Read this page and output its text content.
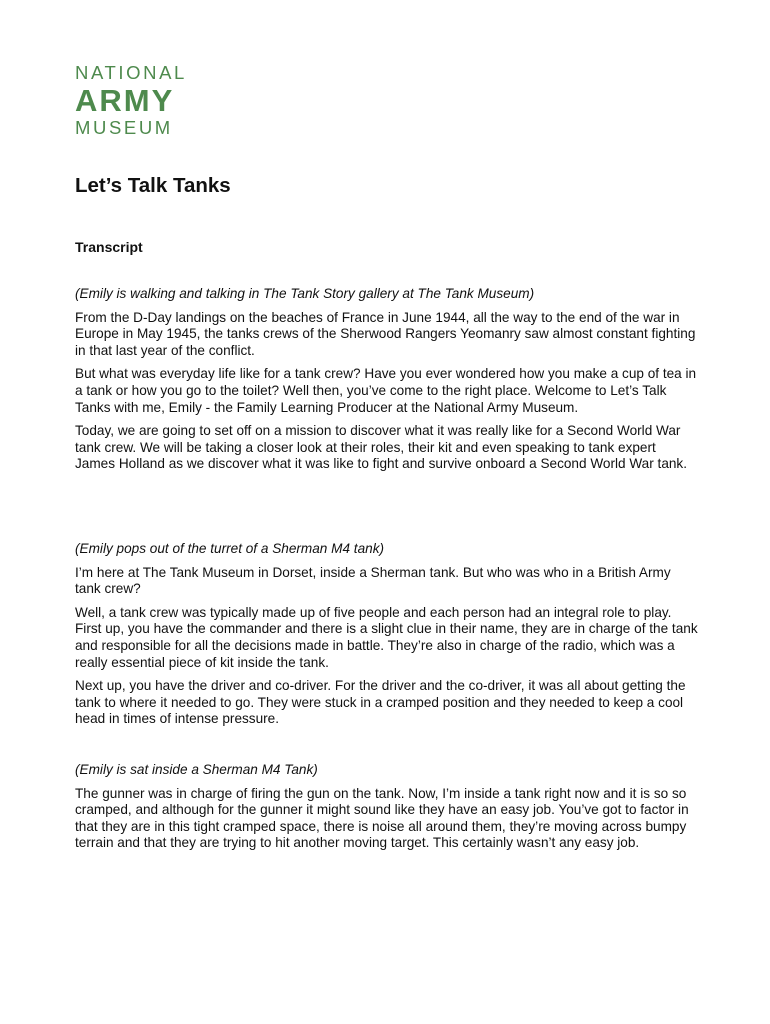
NATIONAL
ARMY
MUSEUM
Let’s Talk Tanks
Transcript

(Emily is walking and talking in The Tank Story gallery at The Tank Museum)

From the D-Day landings on the beaches of France in June 1944, all the way to the end of the war in Europe in May 1945, the tanks crews of the Sherwood Rangers Yeomanry saw almost constant fighting in that last year of the conflict.

But what was everyday life like for a tank crew? Have you ever wondered how you make a cup of tea in a tank or how you go to the toilet? Well then, you’ve come to the right place. Welcome to Let’s Talk Tanks with me, Emily - the Family Learning Producer at the National Army Museum.

Today, we are going to set off on a mission to discover what it was really like for a Second World War tank crew. We will be taking a closer look at their roles, their kit and even speaking to tank expert James Holland as we discover what it was like to fight and survive onboard a Second World War tank.

(Emily pops out of the turret of a Sherman M4 tank)

I’m here at The Tank Museum in Dorset, inside a Sherman tank. But who was who in a British Army tank crew?

Well, a tank crew was typically made up of five people and each person had an integral role to play. First up, you have the commander and there is a slight clue in their name, they are in charge of the tank and responsible for all the decisions made in battle. They’re also in charge of the radio, which was a really essential piece of kit inside the tank.

Next up, you have the driver and co-driver. For the driver and the co-driver, it was all about getting the tank to where it needed to go. They were stuck in a cramped position and they needed to keep a cool head in times of intense pressure.

(Emily is sat inside a Sherman M4 Tank)

The gunner was in charge of firing the gun on the tank. Now, I’m inside a tank right now and it is so so cramped, and although for the gunner it might sound like they have an easy job. You’ve got to factor in that they are in this tight cramped space, there is noise all around them, they’re moving across bumpy terrain and that they are trying to hit another moving target. This certainly wasn’t any easy job.
